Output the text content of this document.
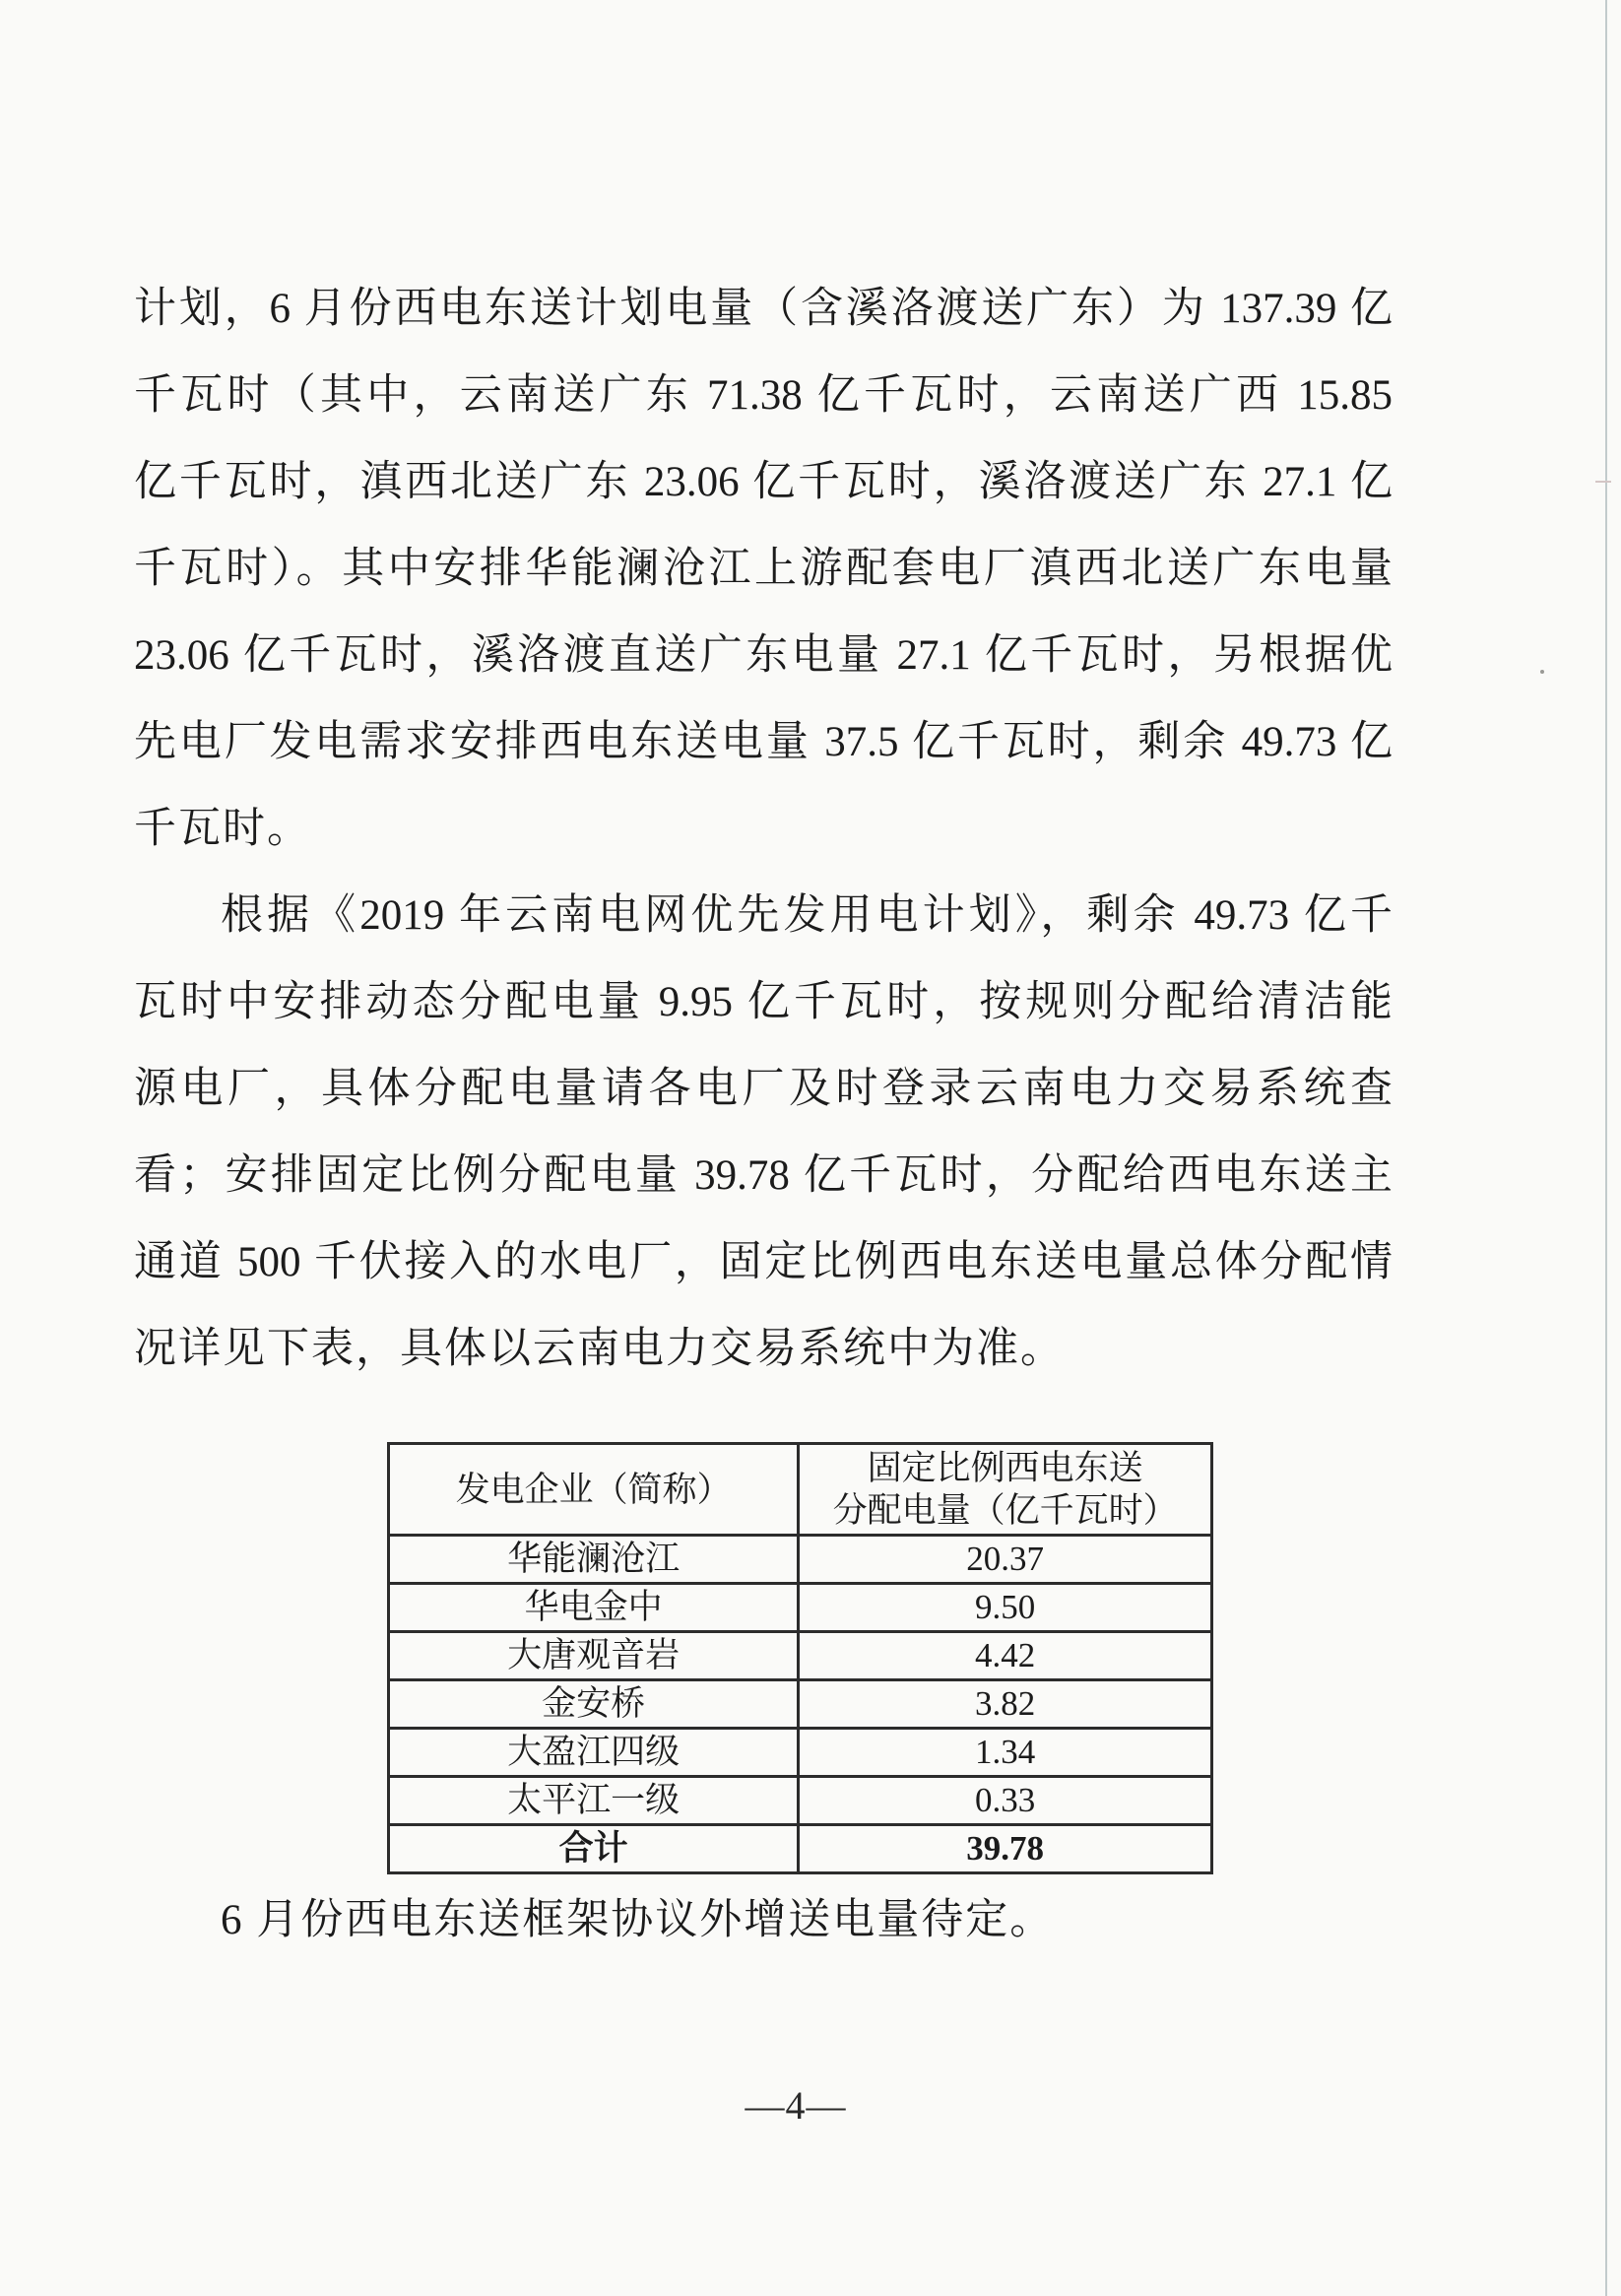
计划，6 月份西电东送计划电量（含溪洛渡送广东）为 137.39 亿
千瓦时（其中，云南送广东 71.38 亿千瓦时，云南送广西 15.85
亿千瓦时，滇西北送广东 23.06 亿千瓦时，溪洛渡送广东 27.1 亿
千瓦时）。其中安排华能澜沧江上游配套电厂滇西北送广东电量
23.06 亿千瓦时，溪洛渡直送广东电量 27.1 亿千瓦时，另根据优
先电厂发电需求安排西电东送电量 37.5 亿千瓦时，剩余 49.73 亿
千瓦时。
根据《2019 年云南电网优先发用电计划》，剩余 49.73 亿千
瓦时中安排动态分配电量 9.95 亿千瓦时，按规则分配给清洁能
源电厂，具体分配电量请各电厂及时登录云南电力交易系统查
看；安排固定比例分配电量 39.78 亿千瓦时，分配给西电东送主
通道 500 千伏接入的水电厂，固定比例西电东送电量总体分配情
况详见下表，具体以云南电力交易系统中为准。
发电企业（简称）	固定比例西电东送
分配电量（亿千瓦时）

华能澜沧江	20.37
华电金中	9.50
大唐观音岩	4.42
金安桥	3.82
大盈江四级	1.34
太平江一级	0.33
合计	39.78
6 月份西电东送框架协议外增送电量待定。
—4—
